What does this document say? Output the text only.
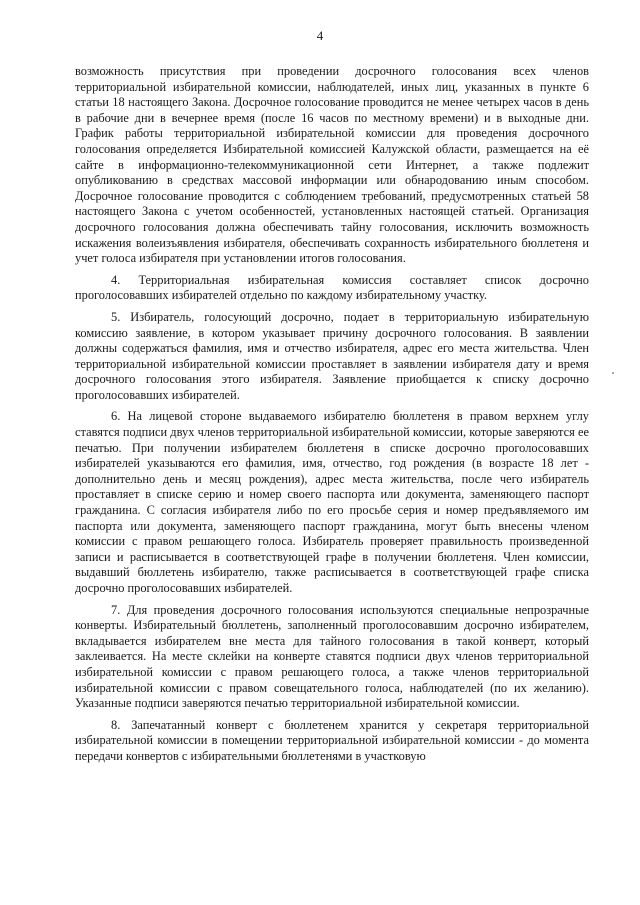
4

возможность присутствия при проведении досрочного голосования всех членов территориальной избирательной комиссии, наблюдателей, иных лиц, указанных в пункте 6 статьи 18 настоящего Закона. Досрочное голосование проводится не менее четырех часов в день в рабочие дни в вечернее время (после 16 часов по местному времени) и в выходные дни. График работы территориальной избирательной комиссии для проведения досрочного голосования определяется Избирательной комиссией Калужской области, размещается на её сайте в информационно-телекоммуникационной сети Интернет, а также подлежит опубликованию в средствах массовой информации или обнародованию иным способом. Досрочное голосование проводится с соблюдением требований, предусмотренных статьей 58 настоящего Закона с учетом особенностей, установленных настоящей статьей. Организация досрочного голосования должна обеспечивать тайну голосования, исключить возможность искажения волеизъявления избирателя, обеспечивать сохранность избирательного бюллетеня и учет голоса избирателя при установлении итогов голосования.

4. Территориальная избирательная комиссия составляет список досрочно проголосовавших избирателей отдельно по каждому избирательному участку.

5. Избиратель, голосующий досрочно, подает в территориальную избирательную комиссию заявление, в котором указывает причину досрочного голосования. В заявлении должны содержаться фамилия, имя и отчество избирателя, адрес его места жительства. Член территориальной избирательной комиссии проставляет в заявлении избирателя дату и время досрочного голосования этого избирателя. Заявление приобщается к списку досрочно проголосовавших избирателей.

6. На лицевой стороне выдаваемого избирателю бюллетеня в правом верхнем углу ставятся подписи двух членов территориальной избирательной комиссии, которые заверяются ее печатью. При получении избирателем бюллетеня в списке досрочно проголосовавших избирателей указываются его фамилия, имя, отчество, год рождения (в возрасте 18 лет - дополнительно день и месяц рождения), адрес места жительства, после чего избиратель проставляет в списке серию и номер своего паспорта или документа, заменяющего паспорт гражданина. С согласия избирателя либо по его просьбе серия и номер предъявляемого им паспорта или документа, заменяющего паспорт гражданина, могут быть внесены членом комиссии с правом решающего голоса. Избиратель проверяет правильность произведенной записи и расписывается в соответствующей графе в получении бюллетеня. Член комиссии, выдавший бюллетень избирателю, также расписывается в соответствующей графе списка досрочно проголосовавших избирателей.

7. Для проведения досрочного голосования используются специальные непрозрачные конверты. Избирательный бюллетень, заполненный проголосовавшим досрочно избирателем, вкладывается избирателем вне места для тайного голосования в такой конверт, который заклеивается. На месте склейки на конверте ставятся подписи двух членов территориальной избирательной комиссии с правом решающего голоса, а также членов территориальной избирательной комиссии с правом совещательного голоса, наблюдателей (по их желанию). Указанные подписи заверяются печатью территориальной избирательной комиссии.

8. Запечатанный конверт с бюллетенем хранится у секретаря территориальной избирательной комиссии в помещении территориальной избирательной комиссии - до момента передачи конвертов с избирательными бюллетенями в участковую
